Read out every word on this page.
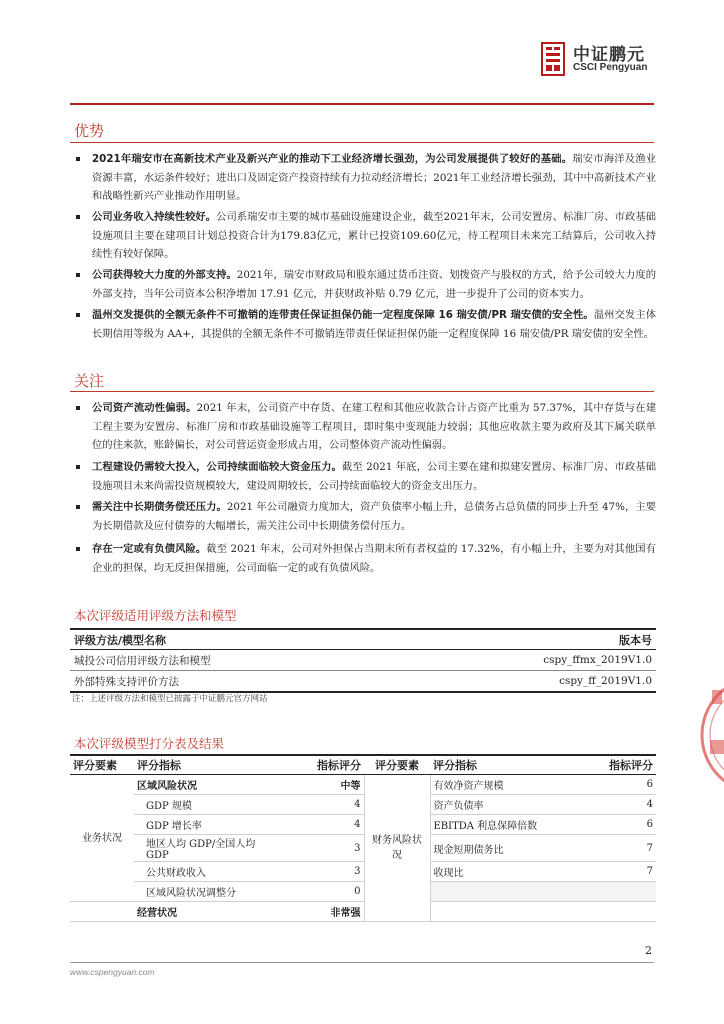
中证鹏元
CSCI Pengyuan
优势
2021年瑞安市在高新技术产业及新兴产业的推动下工业经济增长强劲，为公司发展提供了较好的基础。瑞安市海洋及渔业资源丰富，水运条件较好；进出口及固定资产投资持续有力拉动经济增长；2021年工业经济增长强劲，其中中高新技术产业和战略性新兴产业推动作用明显。
公司业务收入持续性较好。公司系瑞安市主要的城市基础设施建设企业，截至2021年末，公司安置房、标准厂房、市政基础设施项目主要在建项目计划总投资合计为179.83亿元，累计已投资109.60亿元，待工程项目未来完工结算后，公司收入持续性有较好保障。
公司获得较大力度的外部支持。2021年，瑞安市财政局和股东通过货币注资、划拨资产与股权的方式，给予公司较大力度的外部支持，当年公司资本公积净增加 17.91 亿元，并获财政补贴 0.79 亿元，进一步提升了公司的资本实力。
温州交发提供的全额无条件不可撤销的连带责任保证担保仍能一定程度保障 16 瑞安债/PR 瑞安债的安全性。温州交发主体长期信用等级为 AA+，其提供的全额无条件不可撤销连带责任保证担保仍能一定程度保障 16 瑞安债/PR 瑞安债的安全性。
关注
公司资产流动性偏弱。2021 年末，公司资产中存货、在建工程和其他应收款合计占资产比重为 57.37%，其中存货与在建工程主要为安置房、标准厂房和市政基础设施等工程项目，即时集中变现能力较弱；其他应收款主要为政府及其下属关联单位的往来款，账龄偏长，对公司营运资金形成占用，公司整体资产流动性偏弱。
工程建设仍需较大投入，公司持续面临较大资金压力。截至 2021 年底，公司主要在建和拟建安置房、标准厂房、市政基础设施项目未来尚需投资规模较大，建设周期较长，公司持续面临较大的资金支出压力。
需关注中长期债务偿还压力。2021 年公司融资力度加大，资产负债率小幅上升，总债务占总负债的同步上升至 47%，主要为长期借款及应付债券的大幅增长，需关注公司中长期债务偿付压力。
存在一定或有负债风险。截至 2021 年末，公司对外担保占当期末所有者权益的 17.32%，有小幅上升，主要为对其他国有企业的担保，均无反担保措施，公司面临一定的或有负债风险。
本次评级适用评级方法和模型
评级方法/模型名称	版本号
城投公司信用评级方法和模型	cspy_ffmx_2019V1.0
外部特殊支持评价方法	cspy_ff_2019V1.0
注：上述评级方法和模型已披露于中证鹏元官方网站
本次评级模型打分表及结果
评分要素	评分指标	指标评分	评分要素	评分指标	指标评分
业务状况	区域风险状况	中等	财务风险状况	有效净资产规模	6
	GDP 规模	4		资产负债率	4
	GDP 增长率	4		EBITDA 利息保障倍数	6
	地区人均 GDP/全国人均 GDP	3		现金短期债务比	7
	公共财政收入	3		收现比	7
	区域风险状况调整分	0			
	经营状况	非常强			
2
www.cspengyuan.com
